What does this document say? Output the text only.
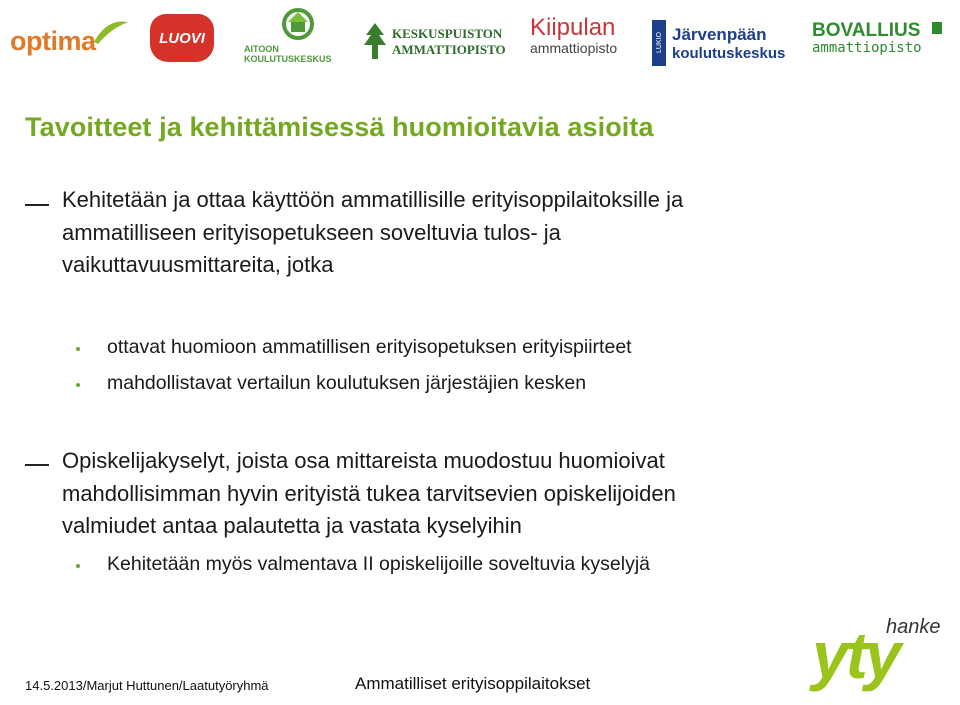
optima	LUOVI
AITOON
KOULUTUSKESKUS
KESKUSPUISTON
AMMATTIOPISTO
Kiipulan
ammattiopisto	LUKIO Järvenpään
koulutuskeskus
BOVALLIUS
ammattiopisto
Tavoitteet ja kehittämisessä huomioitavia asioita
Kehitetään ja ottaa käyttöön ammatillisille erityisoppilaitoksille ja
ammatilliseen erityisopetukseen soveltuvia tulos- ja
vaikuttavuusmittareita, jotka
ottavat huomioon ammatillisen erityisopetuksen erityispiirteet
mahdollistavat vertailun koulutuksen järjestäjien kesken
Opiskelijakyselyt, joista osa mittareista muodostuu huomioivat
mahdollisimman hyvin erityistä tukea tarvitsevien opiskelijoiden
valmiudet antaa palautetta ja vastata kyselyihin
Kehitetään myös valmentava II opiskelijoille soveltuvia kyselyjä
14.5.2013/Marjut Huttunen/Laatutyöryhmä	Ammatilliset erityisoppilaitokset
hanke
yty
